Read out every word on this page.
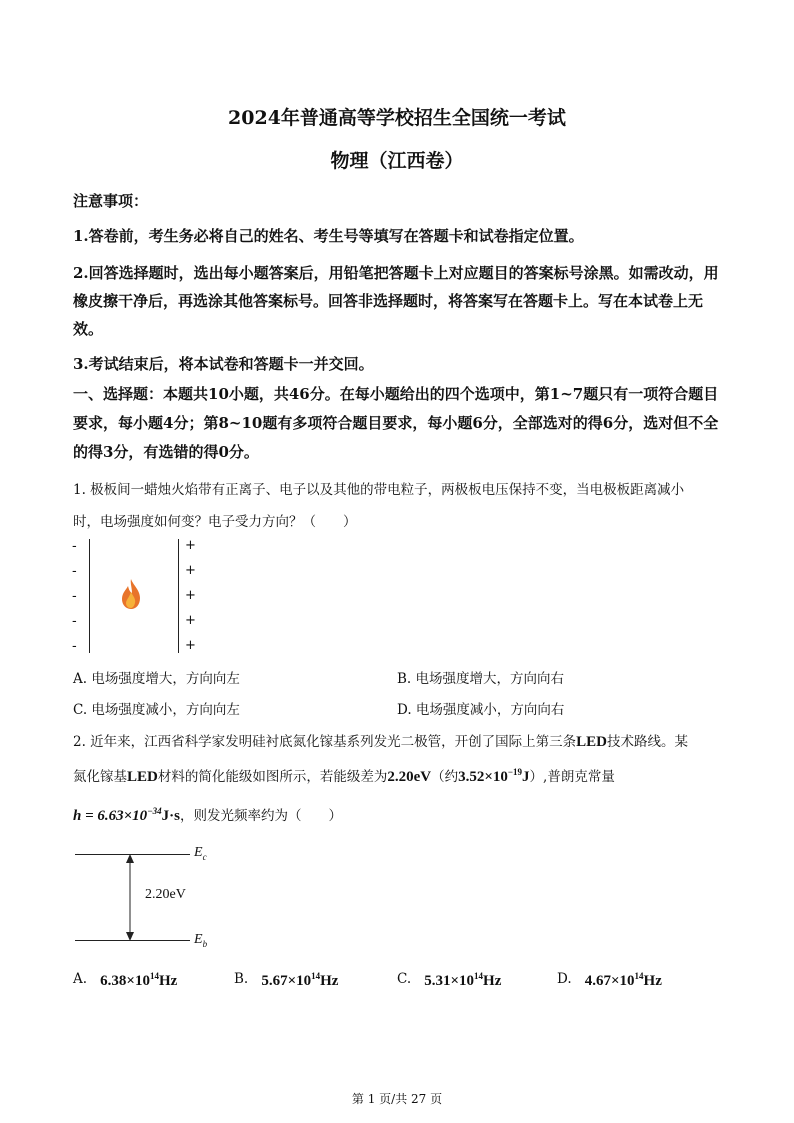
2024年普通高等学校招生全国统一考试
物理（江西卷）
注意事项：
1.答卷前，考生务必将自己的姓名、考生号等填写在答题卡和试卷指定位置。
2.回答选择题时，选出每小题答案后，用铅笔把答题卡上对应题目的答案标号涂黑。如需改动，用橡皮擦干净后，再选涂其他答案标号。回答非选择题时，将答案写在答题卡上。写在本试卷上无效。
3.考试结束后，将本试卷和答题卡一并交回。
一、选择题：本题共10小题，共46分。在每小题给出的四个选项中，第1~7题只有一项符合题目要求，每小题4分；第8~10题有多项符合题目要求，每小题6分，全部选对的得6分，选对但不全的得3分，有选错的得0分。
1. 极板间一蜡烛火焰带有正离子、电子以及其他的带电粒子，两极板电压保持不变，当电极板距离减小
时，电场强度如何变？电子受力方向？（　　）
-
-
-
-
-
+
+
+
+
+
A. 电场强度增大，方向向左	B. 电场强度增大，方向向右
C. 电场强度减小，方向向左	D. 电场强度减小，方向向右
2. 近年来，江西省科学家发明硅衬底氮化镓基系列发光二极管，开创了国际上第三条LED技术路线。某
氮化镓基LED材料的简化能级如图所示，若能级差为2.20eV（约$3.52\times 10^{-19}J$）,普朗克常量
$h = 6.63\times 10^{-34}J\cdot s$，则发光频率约为（　　）
$E_c$
$E_b$
2.20eV
A. $6.38\times 10^{14}Hz$	B. $5.67\times 10^{14}Hz$	C. $5.31\times 10^{14}Hz$	D. $4.67\times 10^{14}Hz$
第 1 页/共 27 页
